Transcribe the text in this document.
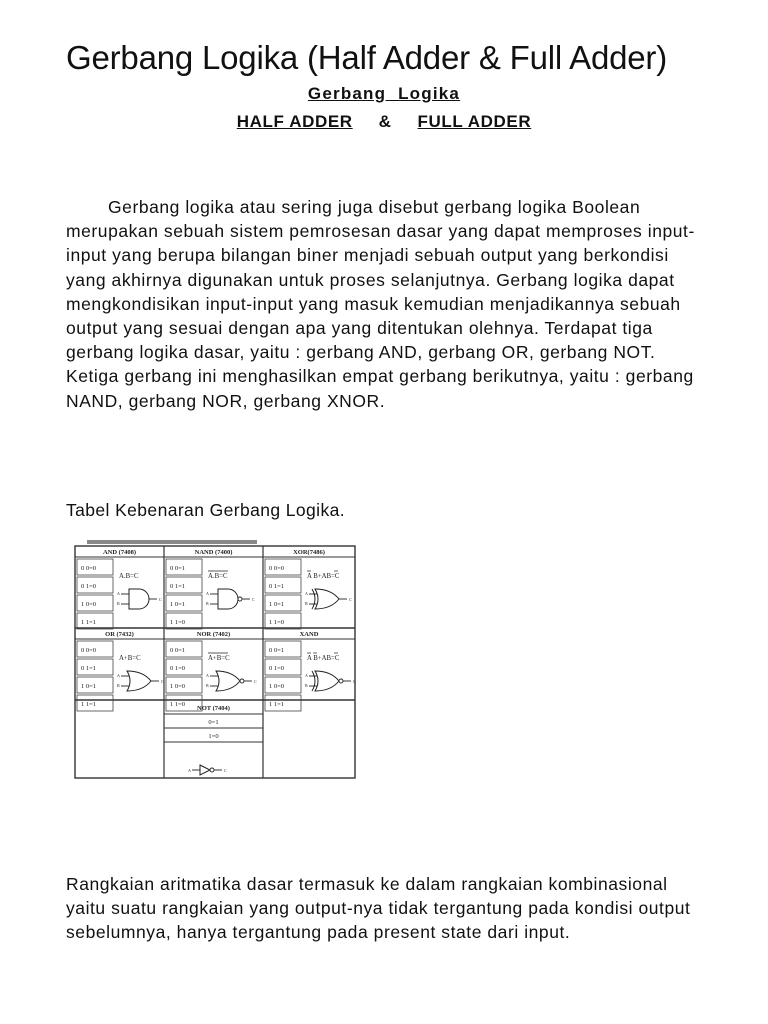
Gerbang Logika (Half Adder & Full Adder)
Gerbang  Logika
HALF ADDER & FULL ADDER

Gerbang logika atau sering juga disebut gerbang logika Boolean merupakan sebuah sistem pemrosesan dasar yang dapat memproses input-input yang berupa bilangan biner menjadi sebuah output yang berkondisi yang akhirnya digunakan untuk proses selanjutnya. Gerbang logika dapat mengkondisikan input-input yang masuk kemudian menjadikannya sebuah output yang sesuai dengan apa yang ditentukan olehnya. Terdapat tiga gerbang logika dasar, yaitu : gerbang AND, gerbang OR, gerbang NOT. Ketiga gerbang ini menghasilkan empat gerbang berikutnya, yaitu : gerbang NAND, gerbang NOR, gerbang XNOR.

Tabel Kebenaran Gerbang Logika.
AND (7408)
0 0=0
0 1=0
1 0=0
1 1=1
A.B=C
A
B
C
NAND (7400)
0 0=1
0 1=1
1 0=1
1 1=0
A.B=C
A
B
C
XOR(7486)
0 0=0
0 1=1
1 0=1
1 1=0
A B+AB=C
A
B
C
OR (7432)
0 0=0
0 1=1
1 0=1
1 1=1
A+B=C
A
B
C
NOR (7402)
0 0=1
0 1=0
1 0=0
1 1=0
A+B=C
A
B
C
XAND
0 0=1
0 1=0
1 0=0
1 1=1
A B+AB=C
A
B
C
NOT (7404)
0=1
1=0
A	C

Rangkaian aritmatika dasar termasuk ke dalam rangkaian kombinasional yaitu suatu rangkaian yang output-nya tidak tergantung pada kondisi output sebelumnya, hanya tergantung pada present state dari input.
